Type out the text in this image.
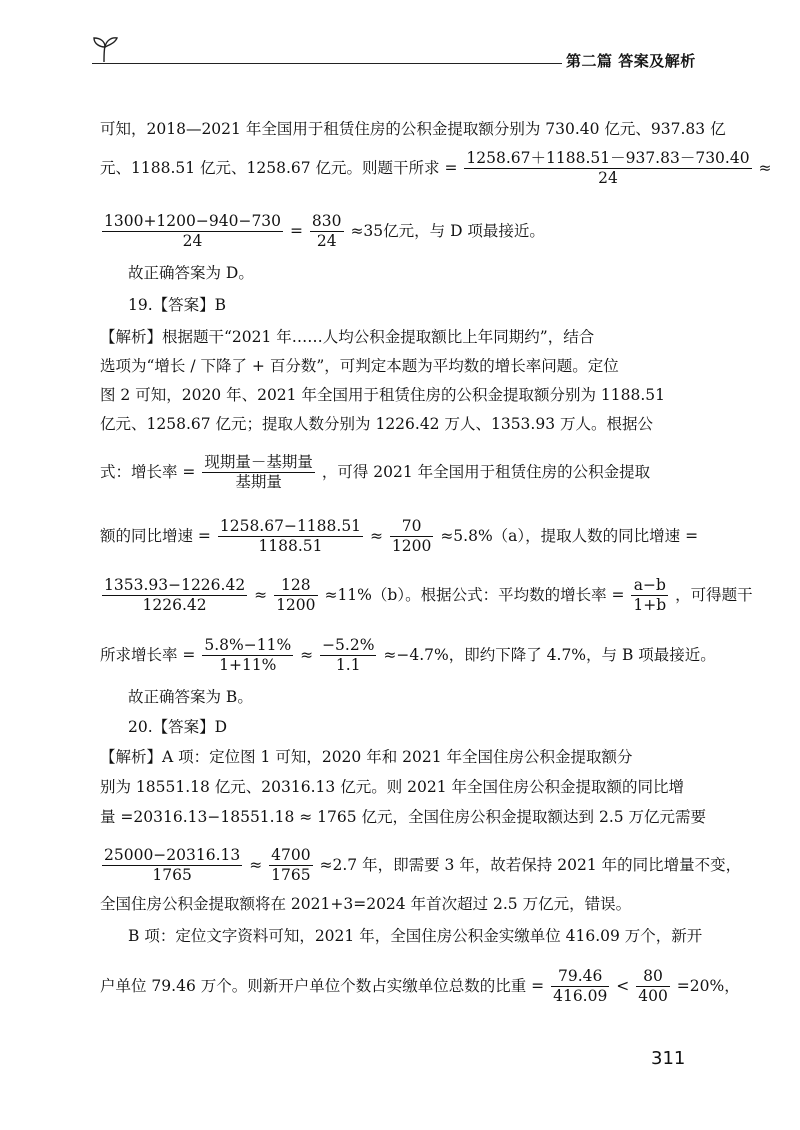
第二篇 答案及解析
可知，2018—2021 年全国用于租赁住房的公积金提取额分别为 730.40 亿元、937.83 亿
元、1188.51 亿元、1258.67 亿元。则题干所求 = $\frac{1258.67+1188.51-937.83-730.40}{24}$ ≈
$\frac{1300+1200-940-730}{24} = \frac{830}{24} \approx 35$亿元，与 D 项最接近。
故正确答案为 D。
19.【答案】B
【解析】根据题干“2021 年……人均公积金提取额比上年同期约”，结合
选项为“增长 / 下降了 + 百分数”，可判定本题为平均数的增长率问题。定位
图 2 可知，2020 年、2021 年全国用于租赁住房的公积金提取额分别为 1188.51
亿元、1258.67 亿元；提取人数分别为 1226.42 万人、1353.93 万人。根据公
式：增长率 = $\frac{\text{现期量－基期量}}{\text{基期量}}$ ，可得 2021 年全国用于租赁住房的公积金提取
额的同比增速 = $\frac{1258.67-1188.51}{1188.51} \approx \frac{70}{1200} \approx 5.8\%(a)$，提取人数的同比增速 =
$\frac{1353.93-1226.42}{1226.42} \approx \frac{128}{1200} \approx 11\%(b)$。根据公式：平均数的增长率 = $\frac{a-b}{1+b}$ ，可得题干
所求增长率 = $\frac{5.8\%-11\%}{1+11\%} \approx \frac{-5.2\%}{1.1} \approx-4.7\%$，即约下降了 4.7%，与 B 项最接近。
故正确答案为 B。
20.【答案】D
【解析】A 项：定位图 1 可知，2020 年和 2021 年全国住房公积金提取额分
别为 18551.18 亿元、20316.13 亿元。则 2021 年全国住房公积金提取额的同比增
量 =20316.13−18551.18 ≈ 1765 亿元，全国住房公积金提取额达到 2.5 万亿元需要
$\frac{25000-20316.13}{1765} \approx \frac{4700}{1765} \approx 2.7$ 年，即需要 3 年，故若保持 2021 年的同比增量不变，
全国住房公积金提取额将在 2021+3=2024 年首次超过 2.5 万亿元，错误。
B 项：定位文字资料可知，2021 年，全国住房公积金实缴单位 416.09 万个，新开
户单位 79.46 万个。则新开户单位个数占实缴单位总数的比重 = $\frac{79.46}{416.09} < \frac{80}{400} =20\%$，
311
